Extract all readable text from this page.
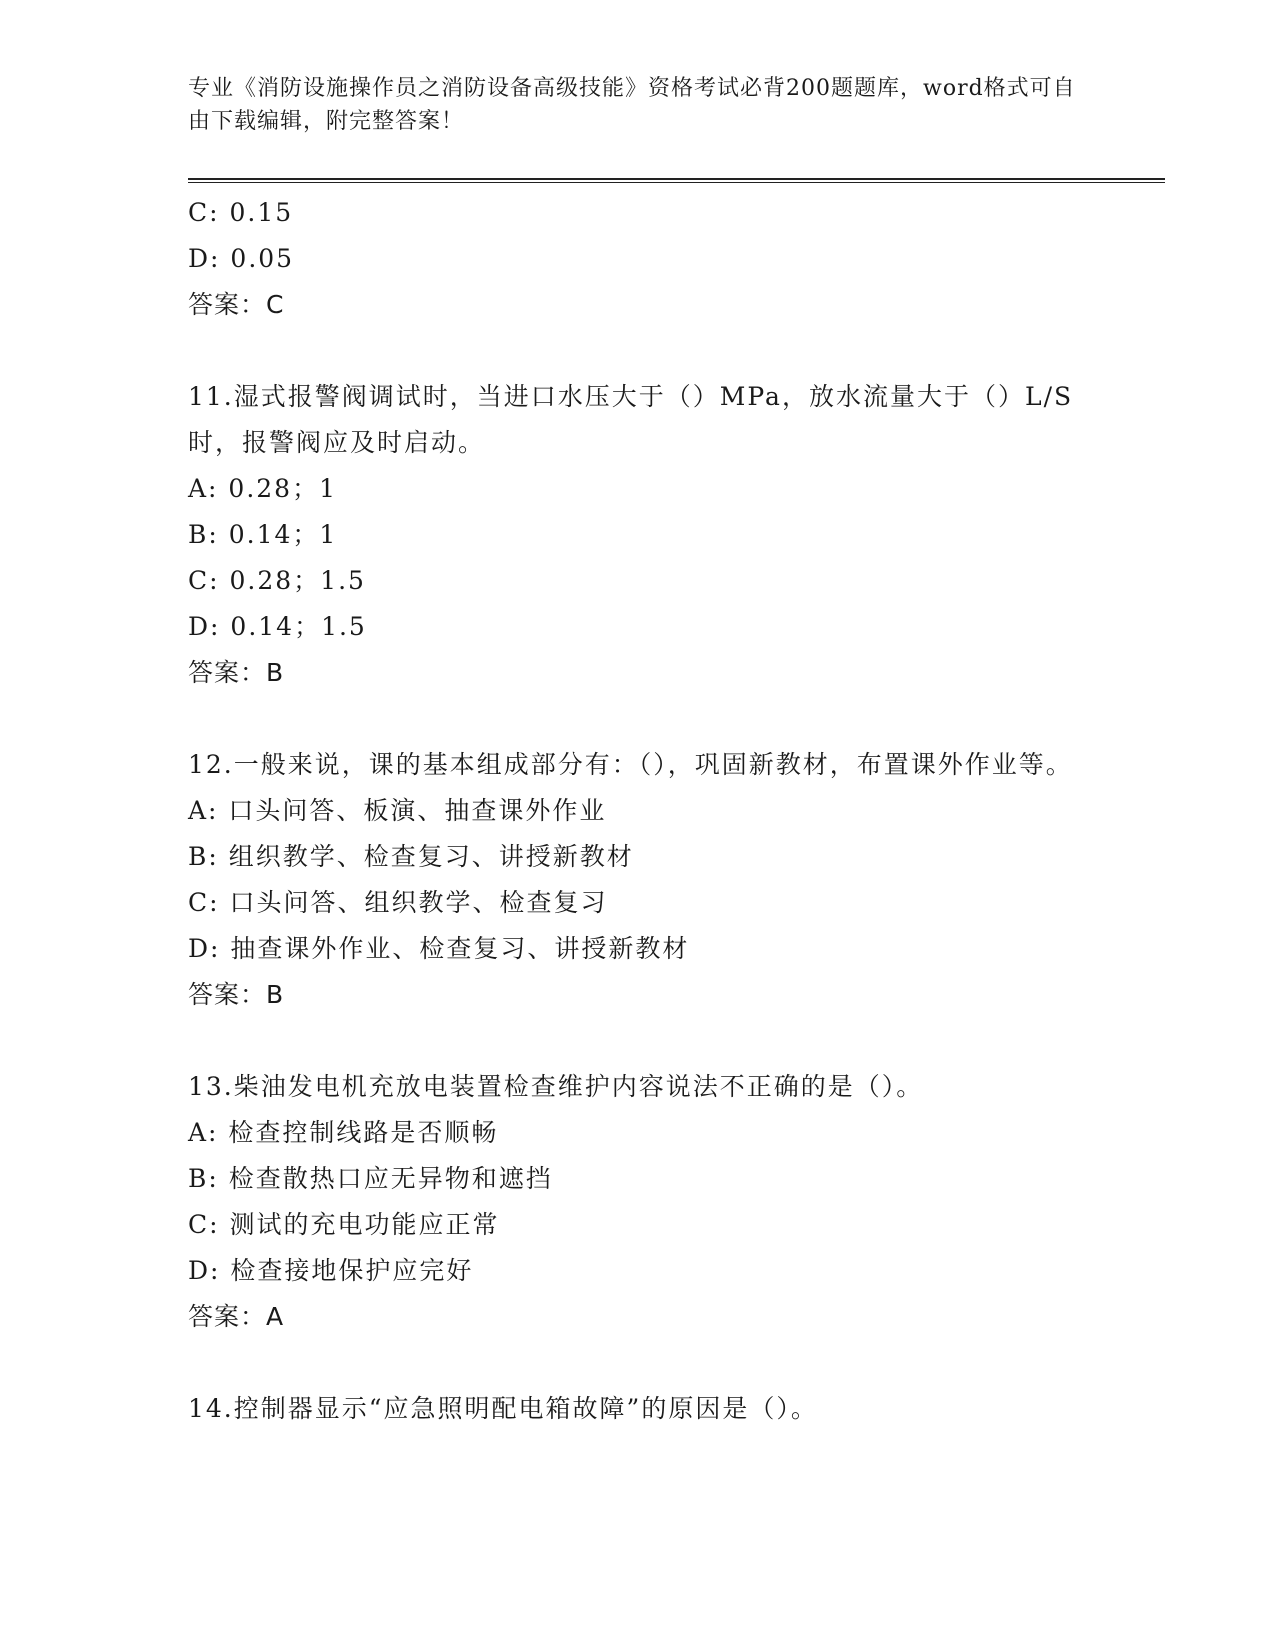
专业《消防设施操作员之消防设备高级技能》资格考试必背200题题库，word格式可自由下载编辑，附完整答案！
C: 0.15
D: 0.05
答案：C
11.湿式报警阀调试时，当进口水压大于（）MPa，放水流量大于（）L/S时，报警阀应及时启动。
A: 0.28；1
B: 0.14；1
C: 0.28；1.5
D: 0.14；1.5
答案：B
12.一般来说，课的基本组成部分有：（），巩固新教材，布置课外作业等。
A: 口头问答、板演、抽查课外作业
B: 组织教学、检查复习、讲授新教材
C: 口头问答、组织教学、检查复习
D: 抽查课外作业、检查复习、讲授新教材
答案：B
13.柴油发电机充放电装置检查维护内容说法不正确的是（）。
A: 检查控制线路是否顺畅
B: 检查散热口应无异物和遮挡
C: 测试的充电功能应正常
D: 检查接地保护应完好
答案：A
14.控制器显示“应急照明配电箱故障”的原因是（）。
